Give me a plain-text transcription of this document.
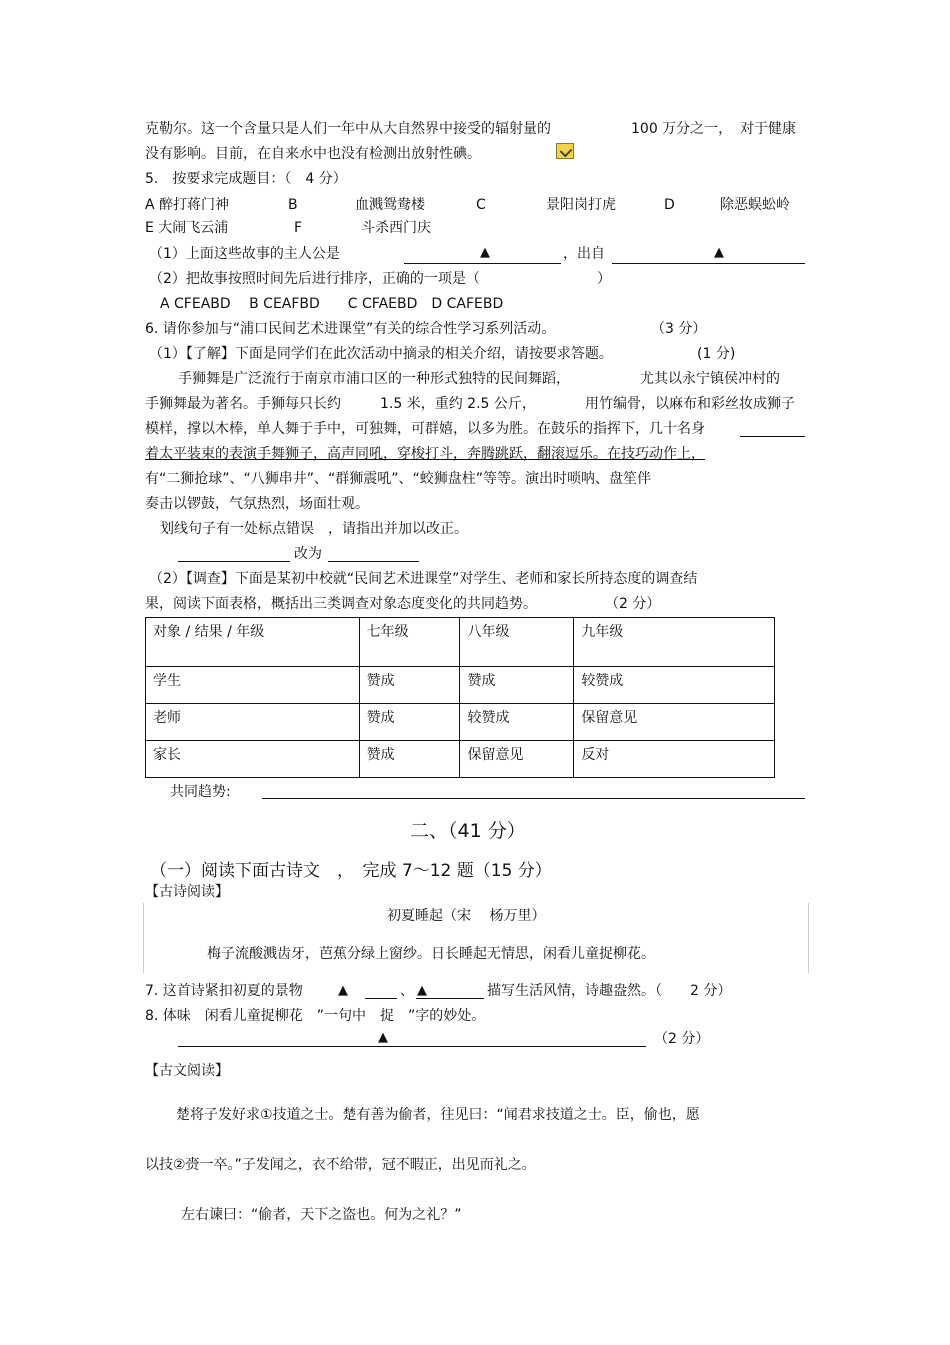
克勒尔。这一个含量只是人们一年中从大自然界中接受的辐射量的	100 万分之一， 对于健康
没有影响。目前，在自来水中也没有检测出放射性碘。
5.　按要求完成题目：（　4 分）
A 醉打蒋门神	B	血溅鸳鸯楼	C	景阳岗打虎	D	除恶蜈蚣岭
E 大闹飞云浦	F	斗杀西门庆
（1）上面这些故事的主人公是	▲	，出自	▲
（2）把故事按照时间先后进行排序，正确的一项是（	）
A CFEABD　 B CEAFBD　　C CFAEBD　D CAFEBD
6. 请你参加与“浦口民间艺术进课堂”有关的综合性学习系列活动。	（3 分）
（1）【了解】下面是同学们在此次活动中摘录的相关介绍，请按要求答题。	(1 分)
手狮舞是广泛流行于南京市浦口区的一种形式独特的民间舞蹈，	尤其以永宁镇侯冲村的
手狮舞最为著名。手狮每只长约	1.5 米，重约 2.5 公斤，	用竹编骨，以麻布和彩丝妆成狮子
模样，撑以木棒，单人舞于手中，可独舞，可群嬉，以多为胜。在鼓乐的指挥下，几十名身
着太平装束的表演手舞狮子，高声同吼，穿梭打斗，奔腾跳跃，翻滚逗乐。在技巧动作上，
有“二狮抢球”、“八狮串井”、“群狮震吼”、“蛟狮盘柱”等等。演出时唢呐、盘笙伴
奏击以锣鼓，气氛热烈，场面壮观。
划线句子有一处标点错误　，请指出并加以改正。
改为
（2）【调查】下面是某初中校就“民间艺术进课堂”对学生、老师和家长所持态度的调查结
果，阅读下面表格，概括出三类调查对象态度变化的共同趋势。	（2 分）
对象 / 结果 / 年级	七年级	八年级	九年级
学生	赞成	赞成	较赞成
老师	赞成	较赞成	保留意见
家长	赞成	保留意见	反对
共同趋势:
二、（41 分）
（一）阅读下面古诗文　，　完成 7～12 题（15 分）
【古诗阅读】
初夏睡起（宋　 杨万里）
梅子流酸溅齿牙，芭蕉分绿上窗纱。日长睡起无情思，闲看儿童捉柳花。
7. 这首诗紧扣初夏的景物	▲	、 ▲	描写生活风情，诗趣盎然。（　　2 分）
8. 体味　闲看儿童捉柳花　”一句中　捉　”字的妙处。
▲	（2 分）
【古文阅读】
楚将子发好求①技道之士。楚有善为偷者，往见曰：“闻君求技道之士。臣，偷也，愿
以技②赍一卒。”子发闻之，衣不给带，冠不暇正，出见而礼之。
左右谏曰：“偷者，天下之盗也。何为之礼？”
